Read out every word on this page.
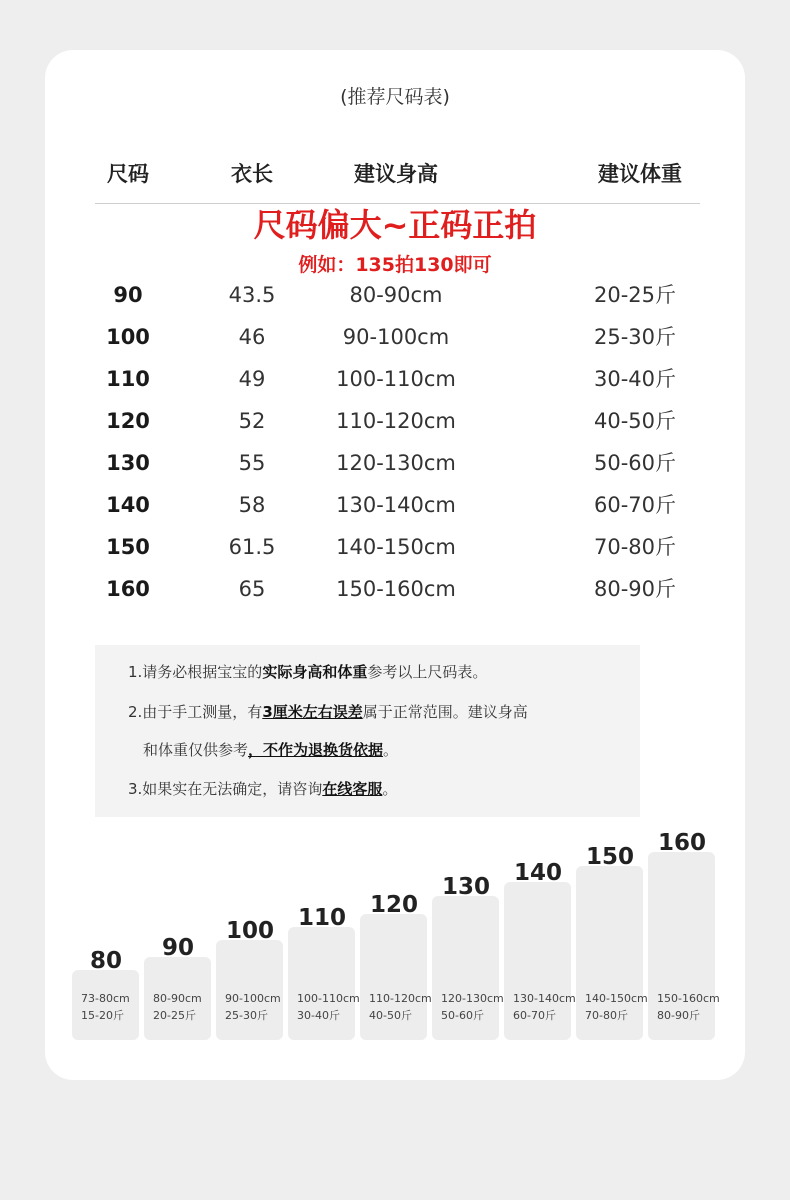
(推荐尺码表)
尺码	衣长	建议身高	建议体重
尺码偏大~正码正拍
例如：135拍130即可
90	43.5	80-90cm	20-25斤
100	46	90-100cm	25-30斤
110	49	100-110cm	30-40斤
120	52	110-120cm	40-50斤
130	55	120-130cm	50-60斤
140	58	130-140cm	60-70斤
150	61.5	140-150cm	70-80斤
160	65	150-160cm	80-90斤
1.请务必根据宝宝的实际身高和体重参考以上尺码表。
2.由于手工测量，有3厘米左右误差属于正常范围。建议身高
和体重仅供参考，不作为退换货依据。
3.如果实在无法确定，请咨询在线客服。
80
73-80cm
15-20斤
90
80-90cm
20-25斤
100
90-100cm
25-30斤
110
100-110cm
30-40斤
120
110-120cm
40-50斤
130
120-130cm
50-60斤
140
130-140cm
60-70斤
150
140-150cm
70-80斤
160
150-160cm
80-90斤
